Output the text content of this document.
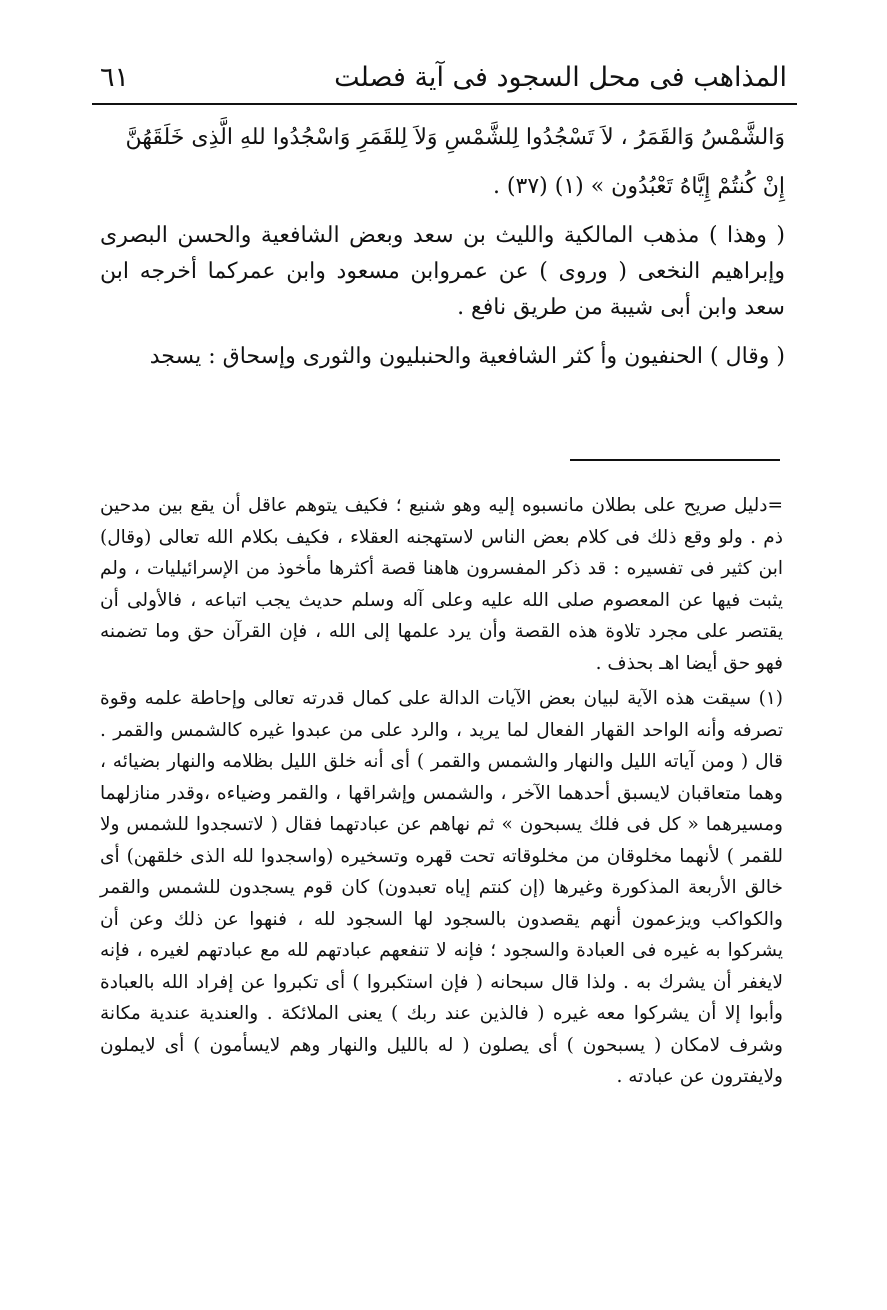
المذاهب فى محل السجود فى آية فصلت
٦١

وَالشَّمْسُ وَالقَمَرُ ، لاَ تَسْجُدُوا لِلشَّمْسِ وَلاَ لِلقَمَرِ وَاسْجُدُوا للهِ الَّذِى خَلَقَهُنَّ

إِنْ كُنتُمْ إِيَّاهُ تَعْبُدُون » (١) (٣٧) .

( وهذا ) مذهب المالكية والليث بن سعد وبعض الشافعية والحسن البصرى وإبراهيم النخعى ( وروى ) عن عمروابن مسعود وابن عمركما أخرجه ابن سعد وابن أبى شيبة من طريق نافع .

( وقال ) الحنفيون وأ كثر الشافعية والحنبليون والثورى وإسحاق : يسجد

=دليل صريح على بطلان مانسبوه إليه وهو شنيع ؛ فكيف يتوهم عاقل أن يقع بين مدحين ذم . ولو وقع ذلك فى كلام بعض الناس لاستهجنه العقلاء ، فكيف بكلام الله تعالى (وقال) ابن كثير فى تفسيره : قد ذكر المفسرون هاهنا قصة أكثرها مأخوذ من الإسرائيليات ، ولم يثبت فيها عن المعصوم صلى الله عليه وعلى آله وسلم حديث يجب اتباعه ، فالأولى أن يقتصر على مجرد تلاوة هذه القصة وأن يرد علمها إلى الله ، فإن القرآن حق وما تضمنه فهو حق أيضا اهـ بحذف .

(١) سيقت هذه الآية لبيان بعض الآيات الدالة على كمال قدرته تعالى وإحاطة علمه وقوة تصرفه وأنه الواحد القهار الفعال لما يريد ، والرد على من عبدوا غيره كالشمس والقمر . قال ( ومن آياته الليل والنهار والشمس والقمر ) أى أنه خلق الليل بظلامه والنهار بضيائه ، وهما متعاقبان لايسبق أحدهما الآخر ، والشمس وإشراقها ، والقمر وضياءه ،وقدر منازلهما ومسيرهما « كل فى فلك يسبحون » ثم نهاهم عن عبادتهما فقال ( لاتسجدوا للشمس ولا للقمر ) لأنهما مخلوقان من مخلوقاته تحت قهره وتسخيره (واسجدوا لله الذى خلقهن) أى خالق الأربعة المذكورة وغيرها (إن كنتم إياه تعبدون) كان قوم يسجدون للشمس والقمر والكواكب ويزعمون أنهم يقصدون بالسجود لها السجود لله ، فنهوا عن ذلك وعن أن يشركوا به غيره فى العبادة والسجود ؛ فإنه لا تنفعهم عبادتهم لله مع عبادتهم لغيره ، فإنه لايغفر أن يشرك به . ولذا قال سبحانه ( فإن استكبروا ) أى تكبروا عن إفراد الله بالعبادة وأبوا إلا أن يشركوا معه غيره ( فالذين عند ربك ) يعنى الملائكة . والعندية عندية مكانة وشرف لامكان ( يسبحون ) أى يصلون ( له بالليل والنهار وهم لايسأمون ) أى لايملون ولايفترون عن عبادته .
